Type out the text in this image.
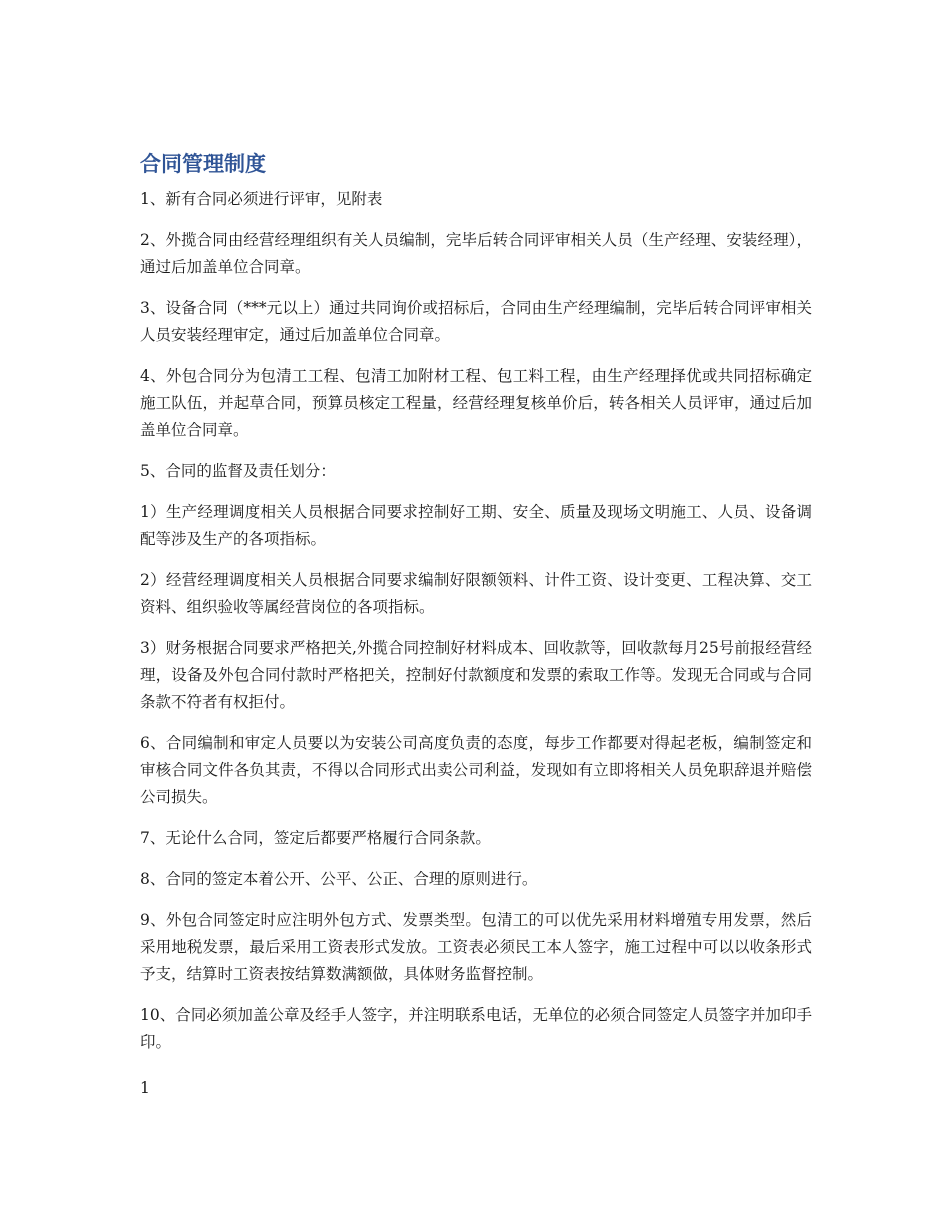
合同管理制度

1、新有合同必须进行评审，见附表

2、外揽合同由经营经理组织有关人员编制，完毕后转合同评审相关人员（生产经理、安装经理），通过后加盖单位合同章。

3、设备合同（***元以上）通过共同询价或招标后，合同由生产经理编制，完毕后转合同评审相关人员安装经理审定，通过后加盖单位合同章。

4、外包合同分为包清工工程、包清工加附材工程、包工料工程，由生产经理择优或共同招标确定施工队伍，并起草合同，预算员核定工程量，经营经理复核单价后，转各相关人员评审，通过后加盖单位合同章。

5、合同的监督及责任划分：

1）生产经理调度相关人员根据合同要求控制好工期、安全、质量及现场文明施工、人员、设备调配等涉及生产的各项指标。

2）经营经理调度相关人员根据合同要求编制好限额领料、计件工资、设计变更、工程决算、交工资料、组织验收等属经营岗位的各项指标。

3）财务根据合同要求严格把关,外揽合同控制好材料成本、回收款等，回收款每月25号前报经营经理，设备及外包合同付款时严格把关，控制好付款额度和发票的索取工作等。发现无合同或与合同条款不符者有权拒付。

6、合同编制和审定人员要以为安装公司高度负责的态度，每步工作都要对得起老板，编制签定和审核合同文件各负其责，不得以合同形式出卖公司利益，发现如有立即将相关人员免职辞退并赔偿公司损失。

7、无论什么合同，签定后都要严格履行合同条款。

8、合同的签定本着公开、公平、公正、合理的原则进行。

9、外包合同签定时应注明外包方式、发票类型。包清工的可以优先采用材料增殖专用发票，然后采用地税发票，最后采用工资表形式发放。工资表必须民工本人签字，施工过程中可以以收条形式予支，结算时工资表按结算数满额做，具体财务监督控制。

10、合同必须加盖公章及经手人签字，并注明联系电话，无单位的必须合同签定人员签字并加印手印。

1
